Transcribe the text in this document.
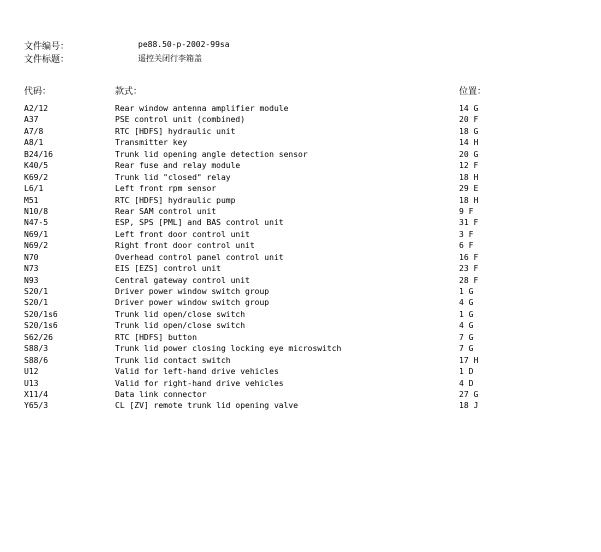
文件编号：	pe88.50-p-2002-99sa
文件标题：	遥控关闭行李箱盖
代码：	款式：	位置：
A2/12	Rear window antenna amplifier module	14 G
A37	PSE control unit (combined)	20 F
A7/8	RTC [HDFS] hydraulic unit	18 G
A8/1	Transmitter key	14 H
B24/16	Trunk lid opening angle detection sensor	20 G
K40/5	Rear fuse and relay module	12 F
K69/2	Trunk lid "closed" relay	18 H
L6/1	Left front rpm sensor	29 E
M51	RTC [HDFS] hydraulic pump	18 H
N10/8	Rear SAM control unit	9 F
N47-5	ESP, SPS [PML] and BAS control unit	31 F
N69/1	Left front door control unit	3 F
N69/2	Right front door control unit	6 F
N70	Overhead control panel control unit	16 F
N73	EIS [EZS] control unit	23 F
N93	Central gateway control unit	28 F
S20/1	Driver power window switch group	1 G
S20/1	Driver power window switch group	4 G
S20/1s6	Trunk lid open/close switch	1 G
S20/1s6	Trunk lid open/close switch	4 G
S62/26	RTC [HDFS] button	7 G
S88/3	Trunk lid power closing locking eye microswitch	7 G
S88/6	Trunk lid contact switch	17 H
U12	Valid for left-hand drive vehicles	1 D
U13	Valid for right-hand drive vehicles	4 D
X11/4	Data link connector	27 G
Y65/3	CL [ZV] remote trunk lid opening valve	18 J
